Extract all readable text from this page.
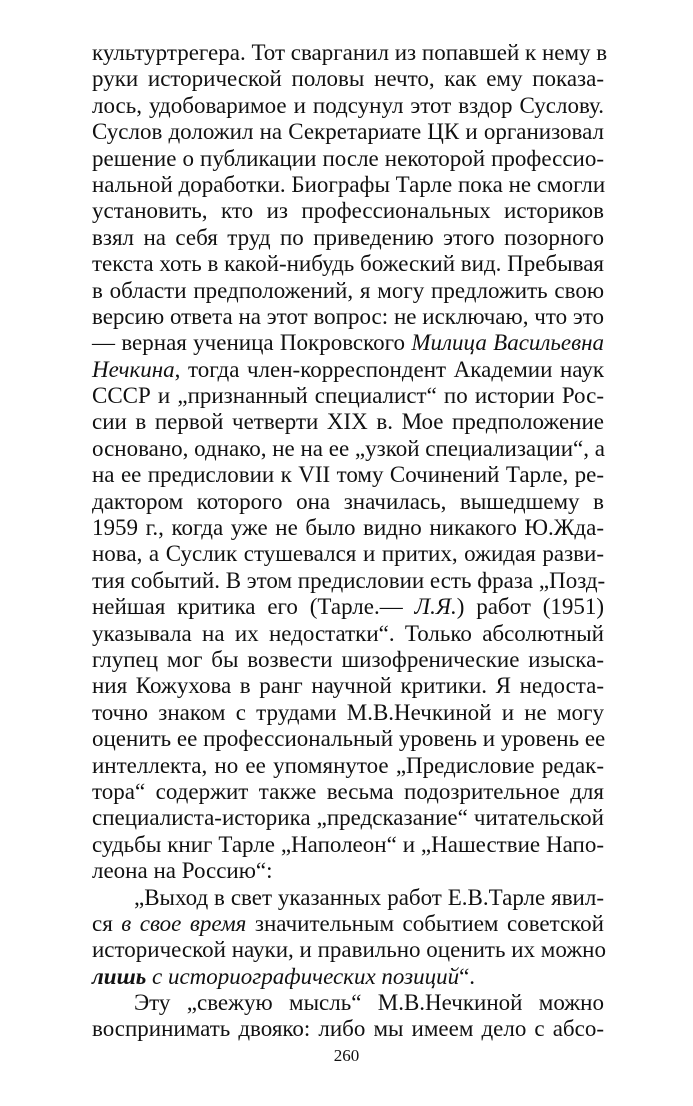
культуртрегера. Тот сварганил из попавшей к нему в
руки исторической половы нечто, как ему показа-
лось, удобоваримое и подсунул этот вздор Суслову.
Суслов доложил на Секретариате ЦК и организовал
решение о публикации после некоторой профессио-
нальной доработки. Биографы Тарле пока не смогли
установить, кто из профессиональных историков
взял на себя труд по приведению этого позорного
текста хоть в какой-нибудь божеский вид. Пребывая
в области предположений, я могу предложить свою
версию ответа на этот вопрос: не исключаю, что это
— верная ученица Покровского Милица Васильевна
Нечкина, тогда член-корреспондент Академии наук
СССР и „признанный специалист“ по истории Рос-
сии в первой четверти XIX в. Мое предположение
основано, однако, не на ее „узкой специализации“, а
на ее предисловии к VII тому Сочинений Тарле, ре-
дактором которого она значилась, вышедшему в
1959 г., когда уже не было видно никакого Ю.Жда-
нова, а Суслик стушевался и притих, ожидая разви-
тия событий. В этом предисловии есть фраза „Позд-
нейшая критика его (Тарле.— Л.Я.) работ (1951)
указывала на их недостатки“. Только абсолютный
глупец мог бы возвести шизофренические изыска-
ния Кожухова в ранг научной критики. Я недоста-
точно знаком с трудами М.В.Нечкиной и не могу
оценить ее профессиональный уровень и уровень ее
интеллекта, но ее упомянутое „Предисловие редак-
тора“ содержит также весьма подозрительное для
специалиста-историка „предсказание“ читательской
судьбы книг Тарле „Наполеон“ и „Нашествие Напо-
леона на Россию“:
„Выход в свет указанных работ Е.В.Тарле явил-
ся в свое время значительным событием советской
исторической науки, и правильно оценить их можно
лишь с историографических позиций“.
Эту „свежую мысль“ М.В.Нечкиной можно
воспринимать двояко: либо мы имеем дело с абсо-
260
